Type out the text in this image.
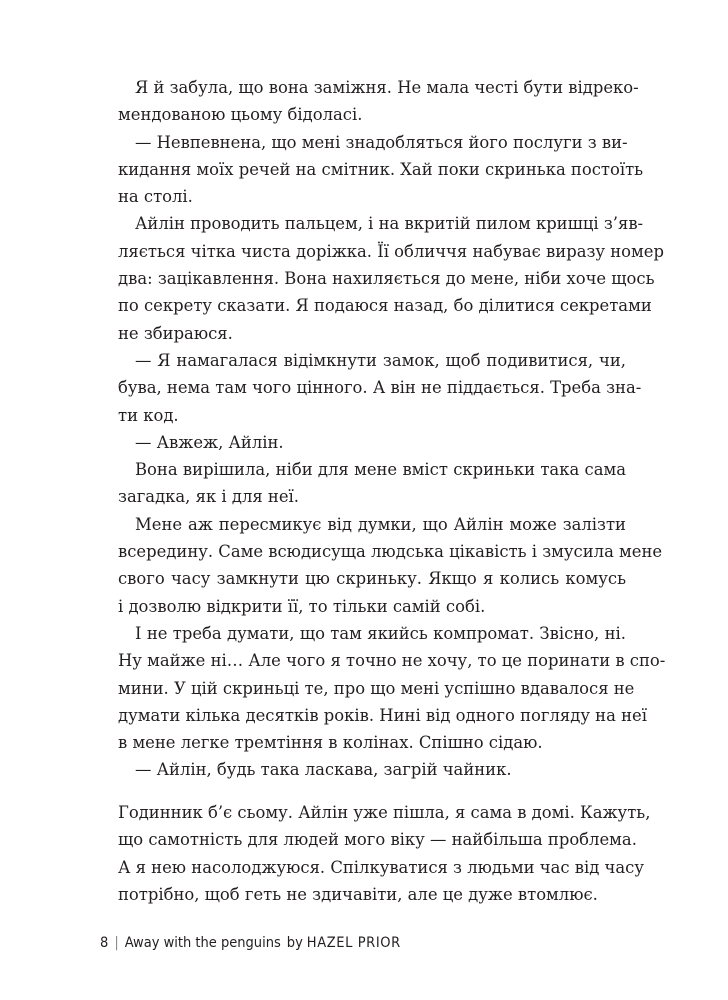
Я й забула, що вона заміжня. Не мала честі бути відреко-
мендованою цьому бідоласі.
— Невпевнена, що мені знадобляться його послуги з ви-
кидання моїх речей на смітник. Хай поки скринька постоїть
на столі.
Айлін проводить пальцем, і на вкритій пилом кришці з’яв-
ляється чітка чиста доріжка. Її обличчя набуває виразу номер
два: зацікавлення. Вона нахиляється до мене, ніби хоче щось
по секрету сказати. Я подаюся назад, бо ділитися секретами
не збираюся.
— Я намагалася відімкнути замок, щоб подивитися, чи,
бува, нема там чого цінного. А він не піддається. Треба зна-
ти код.
— Авжеж, Айлін.
Вона вирішила, ніби для мене вміст скриньки така сама
загадка, як і для неї.
Мене аж пересмикує від думки, що Айлін може залізти
всередину. Саме всюдисуща людська цікавість і змусила мене
свого часу замкнути цю скриньку. Якщо я колись комусь
і дозволю відкрити її, то тільки самій собі.
І не треба думати, що там якийсь компромат. Звісно, ні.
Ну майже ні… Але чого я точно не хочу, то це поринати в спо-
мини. У цій скриньці те, про що мені успішно вдавалося не
думати кілька десятків років. Нині від одного погляду на неї
в мене легке тремтіння в колінах. Спішно сідаю.
— Айлін, будь така ласкава, загрій чайник.
Годинник б’є сьому. Айлін уже пішла, я сама в домі. Кажуть,
що самотність для людей мого віку — найбільша проблема.
А я нею насолоджуюся. Спілкуватися з людьми час від часу
потрібно, щоб геть не здичавіти, але це дуже втомлює.
8 | Away with the penguins by HAZEL PRIOR
